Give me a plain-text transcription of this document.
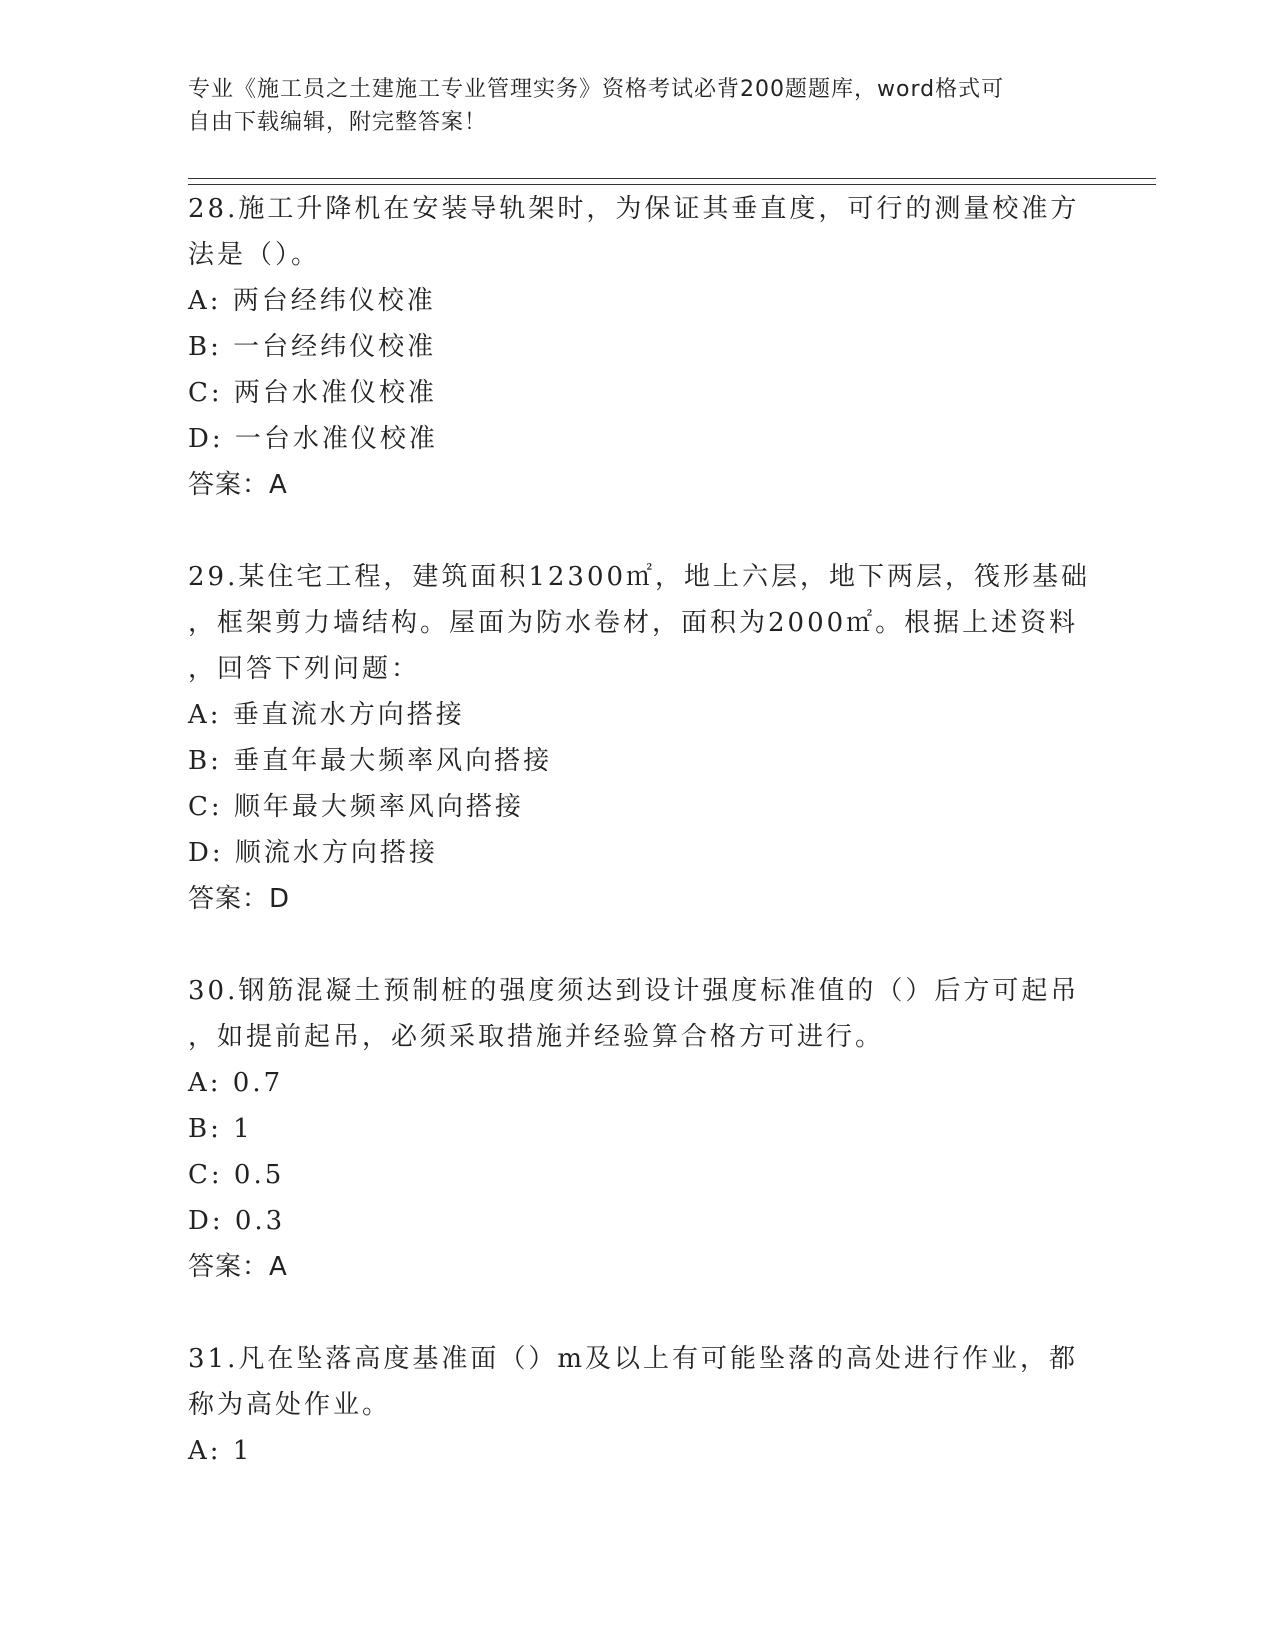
专业《施工员之土建施工专业管理实务》资格考试必背200题题库，word格式可
自由下载编辑，附完整答案！
28.施工升降机在安装导轨架时，为保证其垂直度，可行的测量校准方
法是（）。
A: 两台经纬仪校准
B: 一台经纬仪校准
C: 两台水准仪校准
D: 一台水准仪校准
答案：A
29.某住宅工程，建筑面积12300㎡，地上六层，地下两层，筏形基础
，框架剪力墙结构。屋面为防水卷材，面积为2000㎡。根据上述资料
，回答下列问题：
A: 垂直流水方向搭接
B: 垂直年最大频率风向搭接
C: 顺年最大频率风向搭接
D: 顺流水方向搭接
答案：D
30.钢筋混凝土预制桩的强度须达到设计强度标准值的（）后方可起吊
，如提前起吊，必须采取措施并经验算合格方可进行。
A: 0.7
B: 1
C: 0.5
D: 0.3
答案：A
31.凡在坠落高度基准面（）m及以上有可能坠落的高处进行作业，都
称为高处作业。
A: 1
